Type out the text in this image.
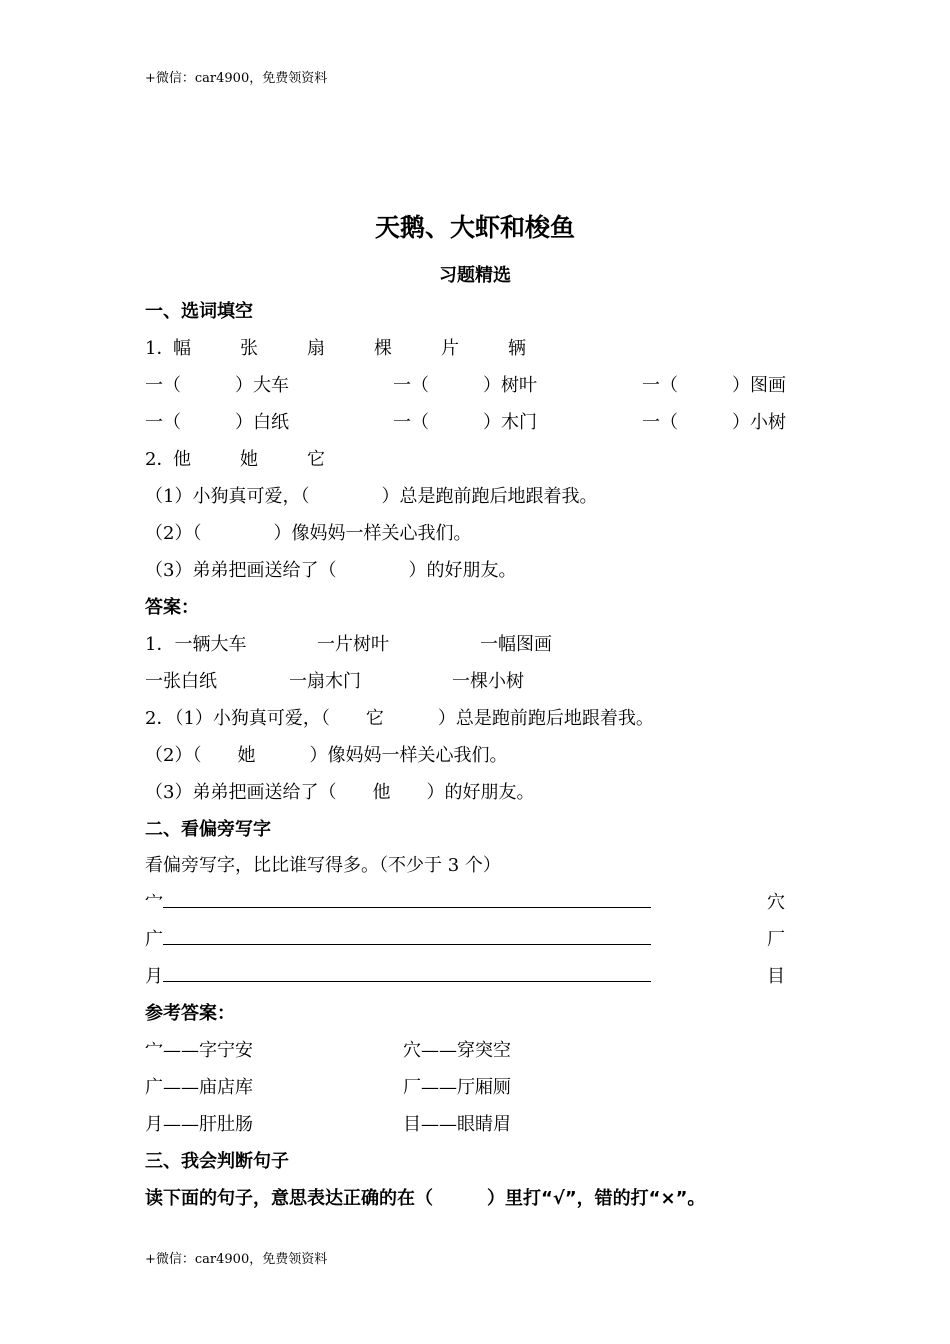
+微信：car4900，免费领资料
天鹅、大虾和梭鱼
习题精选
一、选词填空
1．
幅	张	扇	棵	片	辆
一（　　　）大车	一（　　　）树叶	一（　　　）图画
一（　　　）白纸	一（　　　）木门	一（　　　）小树
2．
他	她	它
（1）小狗真可爱，（　　　　）总是跑前跑后地跟着我。
（2）（　　　　）像妈妈一样关心我们。
（3）弟弟把画送给了（　　　　）的好朋友。
答案：
1．一辆大车	一片树叶	一幅图画
一张白纸	一扇木门	一棵小树
2．（1）小狗真可爱，（　　它　　　）总是跑前跑后地跟着我。
（2）（　　她　　　）像妈妈一样关心我们。
（3）弟弟把画送给了（　　他　　）的好朋友。
二、看偏旁写字
看偏旁写字，比比谁写得多。（不少于 3 个）
宀	穴
广	厂
月	目
参考答案：
宀——字宁安	穴——穿突空
广——庙店库	厂——厅厢厕
月——肝肚肠	目——眼睛眉
三、我会判断句子
读下面的句子，意思表达正确的在（　　　）里打“√”，错的打“×”。
+微信：car4900，免费领资料
